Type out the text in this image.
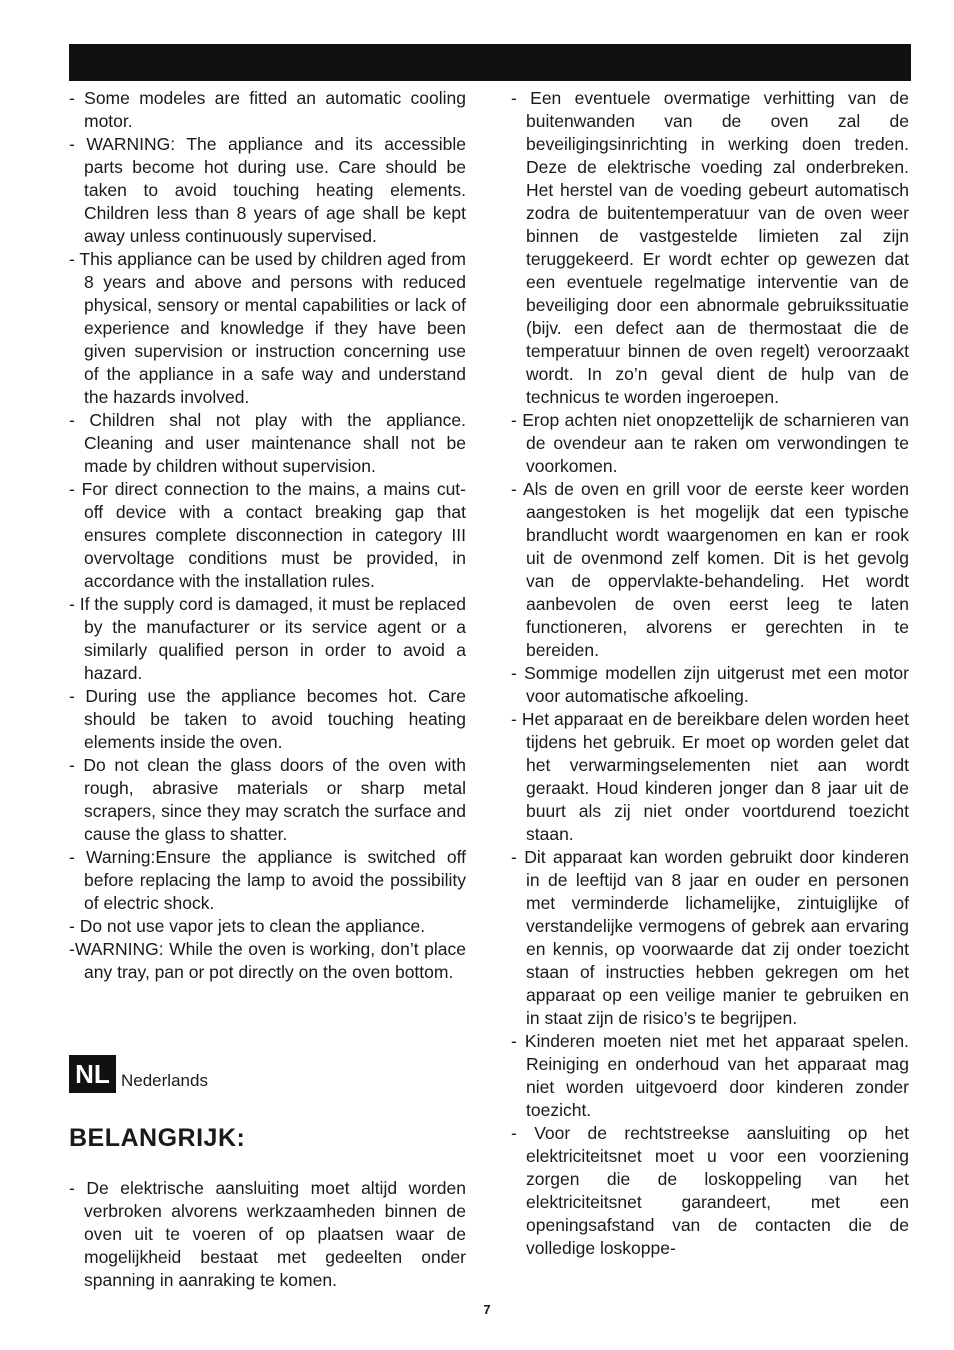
- Some modeles are fitted an automatic cooling motor.
- WARNING: The appliance and its accessible parts become hot during use. Care should be taken to avoid touching heating elements. Children less than 8 years of age shall be kept away unless continuously supervised.
- This appliance can be used by children aged from 8 years and above and persons with reduced physical, sensory or mental capabilities or lack of experience and knowledge if they have been given supervision or instruction concerning use of the appliance in a safe way and understand the hazards involved.
- Children shal not play with the appliance. Cleaning and user maintenance shall not be made by children without supervision.
- For direct connection to the mains, a mains cut-off device with a contact breaking gap that ensures complete disconnection in category III overvoltage conditions must be provided, in accordance with the installation rules.
- If the supply cord is damaged, it must be replaced by the manufacturer or its service agent or a similarly qualified person in order to avoid a hazard.
- During use the appliance becomes hot. Care should be taken to avoid touching heating elements inside the oven.
- Do not clean the glass doors of the oven with rough, abrasive materials or sharp metal scrapers, since they may scratch the surface and cause the glass to shatter.
- Warning:Ensure the appliance is switched off before replacing the lamp to avoid the possibility of electric shock.
- Do not use vapor jets to clean the appliance.
-WARNING: While the oven is working, don’t place any tray, pan or pot directly on the oven bottom.
NL Nederlands
BELANGRIJK:
- De elektrische aansluiting moet altijd worden verbroken alvorens werkzaamheden binnen de oven uit te voeren of op plaatsen waar de mogelijkheid bestaat met gedeelten onder spanning in aanraking te komen.
- Een eventuele overmatige verhitting van de buitenwanden van de oven zal de beveiligingsinrichting in werking doen treden. Deze de elektrische voeding zal onderbreken. Het herstel van de voeding gebeurt automatisch zodra de buitentemperatuur van de oven weer binnen de vastgestelde limieten zal zijn teruggekeerd. Er wordt echter op gewezen dat een eventuele regelmatige interventie van de beveiliging door een abnormale gebruikssituatie (bijv. een defect aan de thermostaat die de temperatuur binnen de oven regelt) veroorzaakt wordt. In zo’n geval dient de hulp van de technicus te worden ingeroepen.
- Erop achten niet onopzettelijk de scharnieren van de ovendeur aan te raken om verwondingen te voorkomen.
- Als de oven en grill voor de eerste keer worden aangestoken is het mogelijk dat een typische brandlucht wordt waargenomen en kan er rook uit de ovenmond zelf komen. Dit is het gevolg van de oppervlakte-behandeling. Het wordt aanbevolen de oven eerst leeg te laten functioneren, alvorens er gerechten in te bereiden.
- Sommige modellen zijn uitgerust met een motor voor automatische afkoeling.
- Het apparaat en de bereikbare delen worden heet tijdens het gebruik. Er moet op worden gelet dat het verwarmingselementen niet aan wordt geraakt. Houd kinderen jonger dan 8 jaar uit de buurt als zij niet onder voortdurend toezicht staan.
- Dit apparaat kan worden gebruikt door kinderen in de leeftijd van 8 jaar en ouder en personen met verminderde lichamelijke, zintuiglijke of verstandelijke vermogens of gebrek aan ervaring en kennis, op voorwaarde dat zij onder toezicht staan of instructies hebben gekregen om het apparaat op een veilige manier te gebruiken en in staat zijn de risico’s te begrijpen.
- Kinderen moeten niet met het apparaat spelen. Reiniging en onderhoud van het apparaat mag niet worden uitgevoerd door kinderen zonder toezicht.
- Voor de rechtstreekse aansluiting op het elektriciteitsnet moet u voor een voorziening zorgen die de loskoppeling van het elektriciteitsnet garandeert, met een openingsafstand van de contacten die de volledige loskoppe-
7
